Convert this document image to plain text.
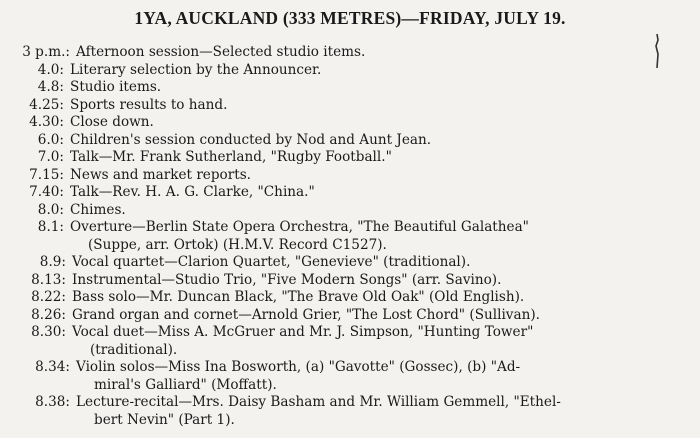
1YA, AUCKLAND (333 METRES)—FRIDAY, JULY 19.
3 p.m.: Afternoon session—Selected studio items.
4.0: Literary selection by the Announcer.
4.8: Studio items.
4.25: Sports results to hand.
4.30: Close down.
6.0: Children's session conducted by Nod and Aunt Jean.
7.0: Talk—Mr. Frank Sutherland, "Rugby Football."
7.15: News and market reports.
7.40: Talk—Rev. H. A. G. Clarke, "China."
8.0: Chimes.
8.1: Overture—Berlin State Opera Orchestra, "The Beautiful Galathea"
(Suppe, arr. Ortok) (H.M.V. Record C1527).
8.9: Vocal quartet—Clarion Quartet, "Genevieve" (traditional).
8.13: Instrumental—Studio Trio, "Five Modern Songs" (arr. Savino).
8.22: Bass solo—Mr. Duncan Black, "The Brave Old Oak" (Old English).
8.26: Grand organ and cornet—Arnold Grier, "The Lost Chord" (Sullivan).
8.30: Vocal duet—Miss A. McGruer and Mr. J. Simpson, "Hunting Tower"
(traditional).
8.34: Violin solos—Miss Ina Bosworth, (a) "Gavotte" (Gossec), (b) "Ad-
miral's Galliard" (Moffatt).
8.38: Lecture-recital—Mrs. Daisy Basham and Mr. William Gemmell, "Ethel-
bert Nevin" (Part 1).
